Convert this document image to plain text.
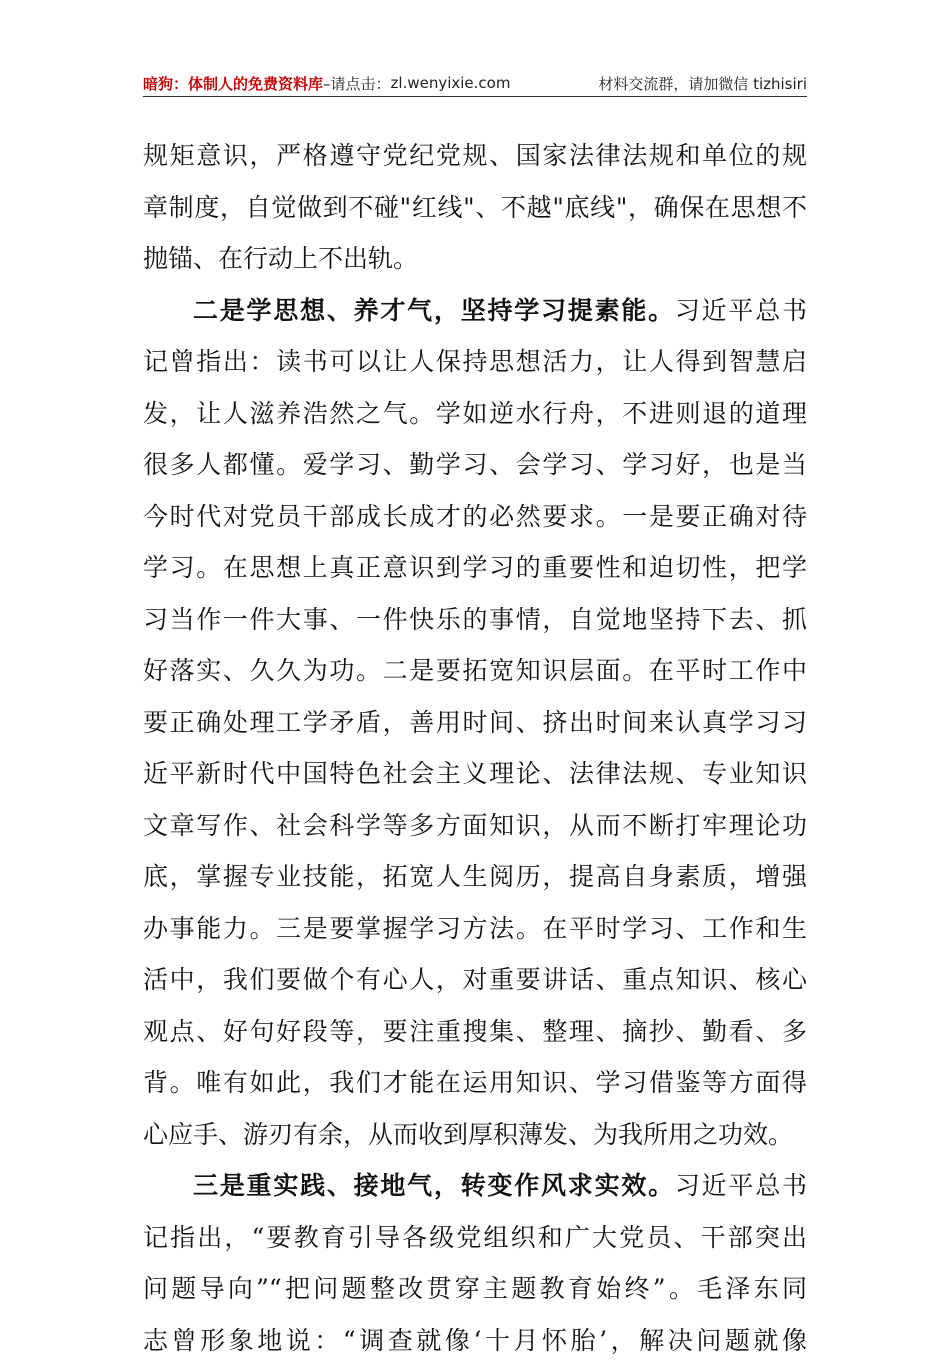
暗狗：体制人的免费资料库 –请点击： zl.wenyixie.com	材料交流群，请加微信 tizhisiri
规矩意识，严格遵守党纪党规、国家法律法规和单位的规
章制度，自觉做到不碰"红线"、不越"底线"，确保在思想不
抛锚、在行动上不出轨。
二是学思想、养才气，坚持学习提素能。习近平总书
记曾指出：读书可以让人保持思想活力，让人得到智慧启
发，让人滋养浩然之气。学如逆水行舟，不进则退的道理
很多人都懂。爱学习、勤学习、会学习、学习好，也是当
今时代对党员干部成长成才的必然要求。一是要正确对待
学习。在思想上真正意识到学习的重要性和迫切性，把学
习当作一件大事、一件快乐的事情，自觉地坚持下去、抓
好落实、久久为功。二是要拓宽知识层面。在平时工作中
要正确处理工学矛盾，善用时间、挤出时间来认真学习习
近平新时代中国特色社会主义理论、法律法规、专业知识
文章写作、社会科学等多方面知识，从而不断打牢理论功
底，掌握专业技能，拓宽人生阅历，提高自身素质，增强
办事能力。三是要掌握学习方法。在平时学习、工作和生
活中，我们要做个有心人，对重要讲话、重点知识、核心
观点、好句好段等，要注重搜集、整理、摘抄、勤看、多
背。唯有如此，我们才能在运用知识、学习借鉴等方面得
心应手、游刃有余，从而收到厚积薄发、为我所用之功效。
三是重实践、接地气，转变作风求实效。习近平总书
记指出，“要教育引导各级党组织和广大党员、干部突出
问题导向”“把问题整改贯穿主题教育始终”。毛泽东同
志曾形象地说：“调查就像‘十月怀胎’，解决问题就像
